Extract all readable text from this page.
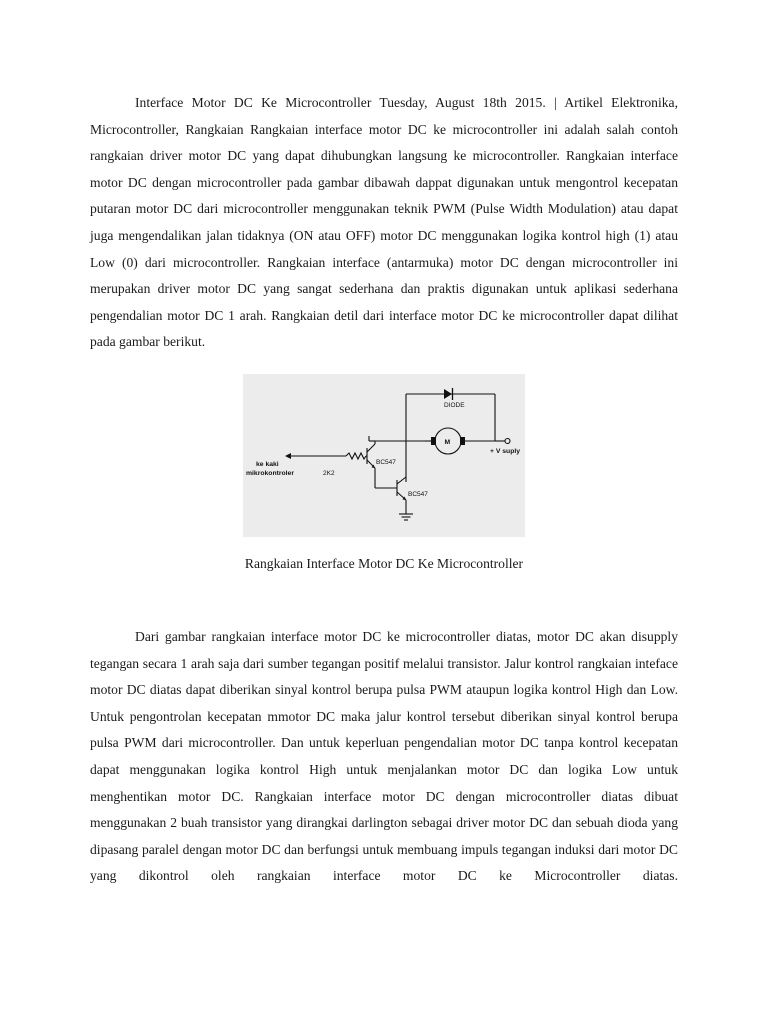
Interface Motor DC Ke Microcontroller Tuesday, August 18th 2015. | Artikel Elektronika, Microcontroller, Rangkaian Rangkaian interface motor DC ke microcontroller ini adalah salah contoh rangkaian driver motor DC yang dapat dihubungkan langsung ke microcontroller. Rangkaian interface motor DC dengan microcontroller pada gambar dibawah dappat digunakan untuk mengontrol kecepatan putaran motor DC dari microcontroller menggunakan teknik PWM (Pulse Width Modulation) atau dapat juga mengendalikan jalan tidaknya (ON atau OFF) motor DC menggunakan logika kontrol high (1) atau Low (0) dari microcontroller. Rangkaian interface (antarmuka) motor DC dengan microcontroller ini merupakan driver motor DC yang sangat sederhana dan praktis digunakan untuk aplikasi sederhana pengendalian motor DC 1 arah. Rangkaian detil dari interface motor DC ke microcontroller dapat dilihat pada gambar berikut.

DIODE
M
+ V suply
ke kaki
mikrokontroler	2K2
BC547
BC547

Rangkaian Interface Motor DC Ke Microcontroller

Dari gambar rangkaian interface motor DC ke microcontroller diatas, motor DC akan disupply tegangan secara 1 arah saja dari sumber tegangan positif melalui transistor. Jalur kontrol rangkaian inteface motor DC diatas dapat diberikan sinyal kontrol berupa pulsa PWM ataupun logika kontrol High dan Low. Untuk pengontrolan kecepatan mmotor DC maka jalur kontrol tersebut diberikan sinyal kontrol berupa pulsa PWM dari microcontroller. Dan untuk keperluan pengendalian motor DC tanpa kontrol kecepatan dapat menggunakan logika kontrol High untuk menjalankan motor DC dan logika Low untuk menghentikan motor DC. Rangkaian interface motor DC dengan microcontroller diatas dibuat menggunakan 2 buah transistor yang dirangkai darlington sebagai driver motor DC dan sebuah dioda yang dipasang paralel dengan motor DC dan berfungsi untuk membuang impuls tegangan induksi dari motor DC yang dikontrol oleh rangkaian interface motor DC ke Microcontroller diatas.
